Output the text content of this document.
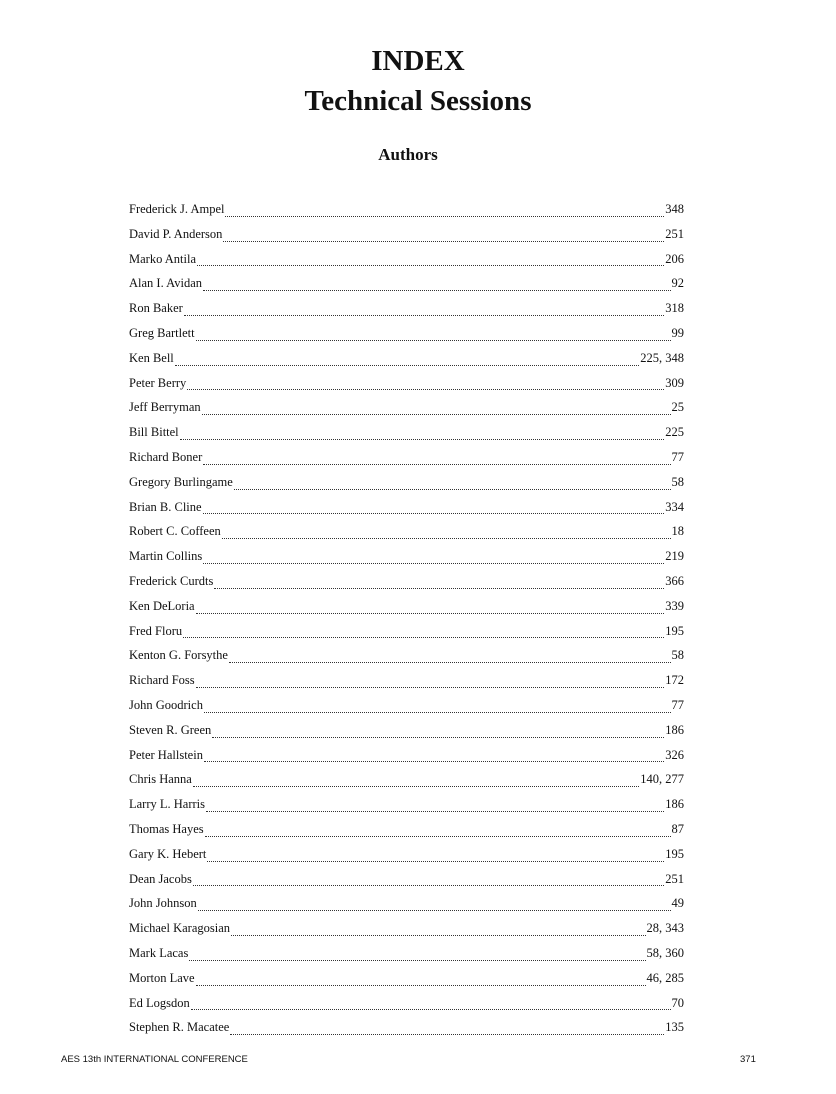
INDEX
Technical Sessions
Authors
Frederick J. Ampel	348
David P. Anderson	251
Marko Antila	206
Alan I. Avidan	92
Ron Baker	318
Greg Bartlett	99
Ken Bell	225, 348
Peter Berry	309
Jeff Berryman	25
Bill Bittel	225
Richard Boner	77
Gregory Burlingame	58
Brian B. Cline	334
Robert C. Coffeen	18
Martin Collins	219
Frederick Curdts	366
Ken DeLoria	339
Fred Floru	195
Kenton G. Forsythe	58
Richard Foss	172
John Goodrich	77
Steven R. Green	186
Peter Hallstein	326
Chris Hanna	140, 277
Larry L. Harris	186
Thomas Hayes	87
Gary K. Hebert	195
Dean Jacobs	251
John Johnson	49
Michael Karagosian	28, 343
Mark Lacas	58, 360
Morton Lave	46, 285
Ed Logsdon	70
Stephen R. Macatee	135
AES 13th INTERNATIONAL CONFERENCE	371
